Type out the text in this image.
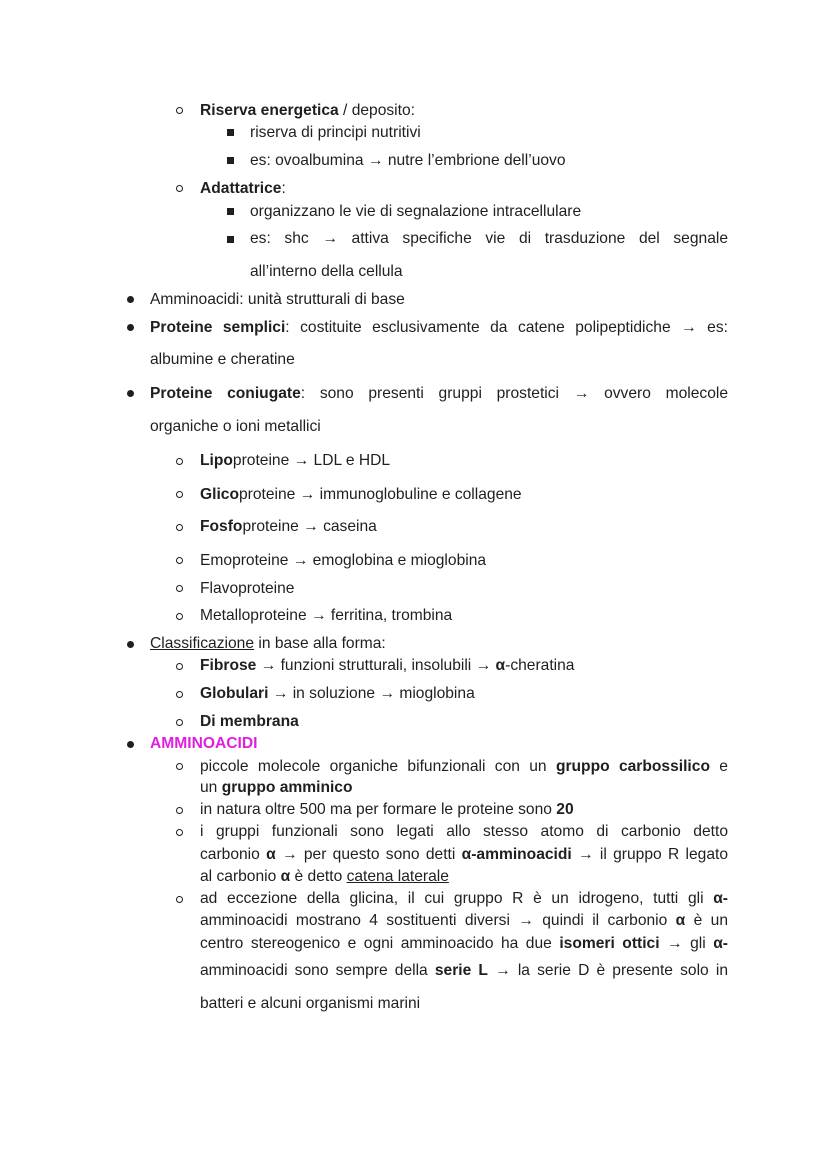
Riserva energetica / deposito:
riserva di principi nutritivi
es: ovoalbumina → nutre l’embrione dell’uovo
Adattatrice:
organizzano le vie di segnalazione intracellulare
es: shc → attiva specifiche vie di trasduzione del segnale
all’interno della cellula
Amminoacidi: unità strutturali di base
Proteine semplici: costituite esclusivamente da catene polipeptidiche → es:
albumine e cheratine
Proteine coniugate: sono presenti gruppi prostetici → ovvero molecole
organiche o ioni metallici
Lipoproteine → LDL e HDL
Glicoproteine → immunoglobuline e collagene
Fosfoproteine → caseina
Emoproteine → emoglobina e mioglobina
Flavoproteine
Metalloproteine → ferritina, trombina
Classificazione in base alla forma:
Fibrose → funzioni strutturali, insolubili → α-cheratina
Globulari → in soluzione → mioglobina
Di membrana
AMMINOACIDI
piccole molecole organiche bifunzionali con un gruppo carbossilico e
un gruppo amminico
in natura oltre 500 ma per formare le proteine sono 20
i gruppi funzionali sono legati allo stesso atomo di carbonio detto
carbonio α → per questo sono detti α-amminoacidi → il gruppo R legato
al carbonio α è detto catena laterale
ad eccezione della glicina, il cui gruppo R è un idrogeno, tutti gli α-
amminoacidi mostrano 4 sostituenti diversi → quindi il carbonio α è un
centro stereogenico e ogni amminoacido ha due isomeri ottici → gli α-
amminoacidi sono sempre della serie L → la serie D è presente solo in
batteri e alcuni organismi marini
